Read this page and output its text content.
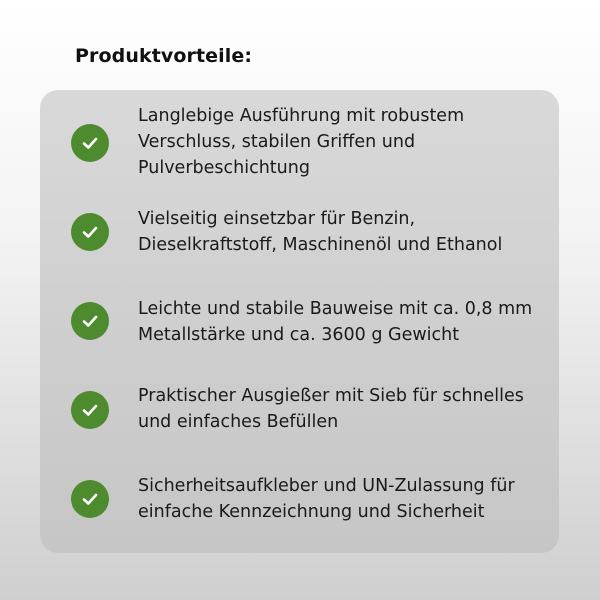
Produktvorteile:
Langlebige Ausführung mit robustem
Verschluss, stabilen Griffen und
Pulverbeschichtung
Vielseitig einsetzbar für Benzin,
Dieselkraftstoff, Maschinenöl und Ethanol
Leichte und stabile Bauweise mit ca. 0,8 mm
Metallstärke und ca. 3600 g Gewicht
Praktischer Ausgießer mit Sieb für schnelles
und einfaches Befüllen
Sicherheitsaufkleber und UN-Zulassung für
einfache Kennzeichnung und Sicherheit
